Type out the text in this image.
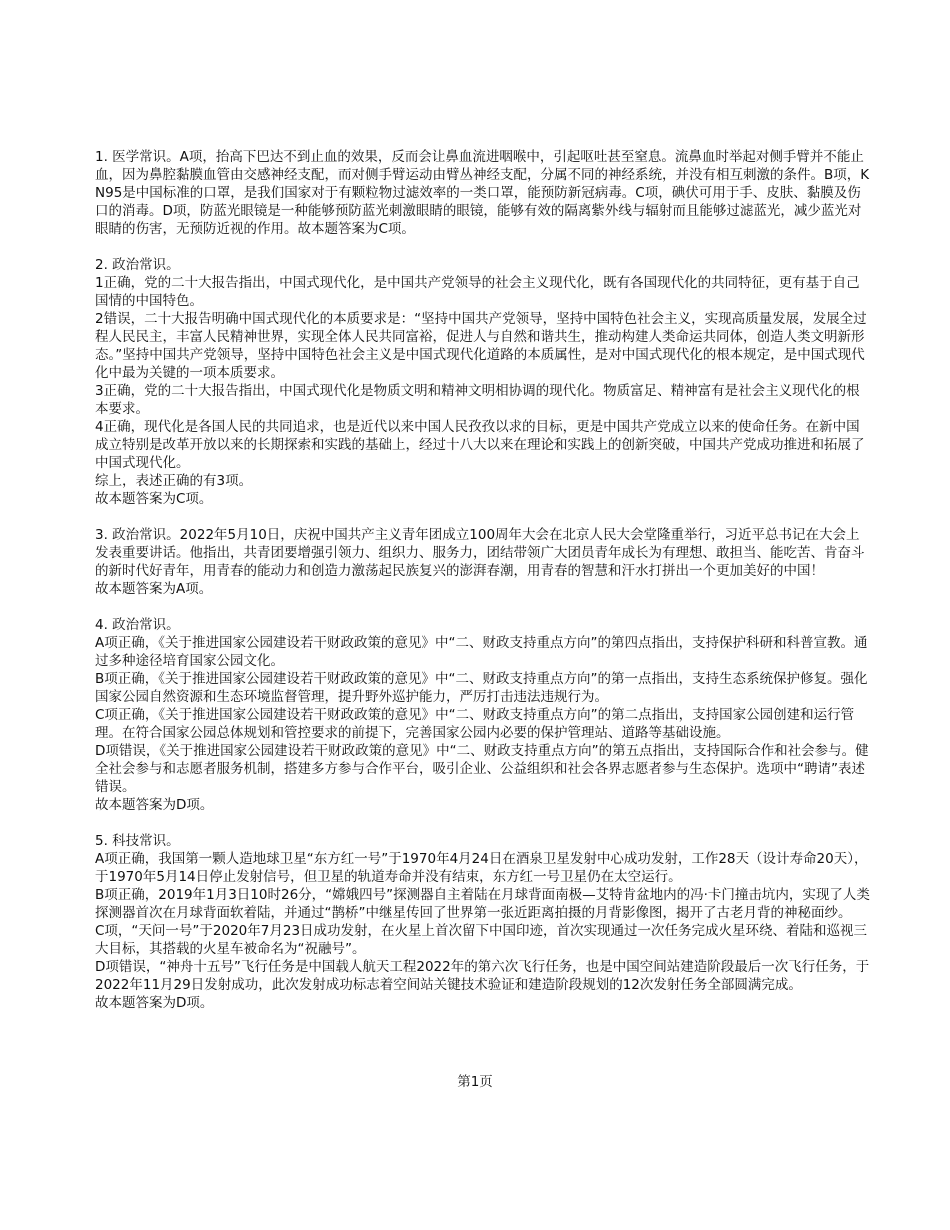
1. 医学常识。A项，抬高下巴达不到止血的效果，反而会让鼻血流进咽喉中，引起呕吐甚至窒息。流鼻血时举起对侧手臂并不能止血，因为鼻腔黏膜血管由交感神经支配，而对侧手臂运动由臂丛神经支配，分属不同的神经系统，并没有相互刺激的条件。B项，KN95是中国标准的口罩，是我们国家对于有颗粒物过滤效率的一类口罩，能预防新冠病毒。C项，碘伏可用于手、皮肤、黏膜及伤口的消毒。D项，防蓝光眼镜是一种能够预防蓝光刺激眼睛的眼镜，能够有效的隔离紫外线与辐射而且能够过滤蓝光，减少蓝光对眼睛的伤害，无预防近视的作用。故本题答案为C项。

2. 政治常识。

1正确，党的二十大报告指出，中国式现代化，是中国共产党领导的社会主义现代化，既有各国现代化的共同特征，更有基于自己国情的中国特色。

2错误，二十大报告明确中国式现代化的本质要求是：“坚持中国共产党领导，坚持中国特色社会主义，实现高质量发展，发展全过程人民民主，丰富人民精神世界，实现全体人民共同富裕，促进人与自然和谐共生，推动构建人类命运共同体，创造人类文明新形态。”坚持中国共产党领导，坚持中国特色社会主义是中国式现代化道路的本质属性，是对中国式现代化的根本规定，是中国式现代化中最为关键的一项本质要求。

3正确，党的二十大报告指出，中国式现代化是物质文明和精神文明相协调的现代化。物质富足、精神富有是社会主义现代化的根本要求。

4正确，现代化是各国人民的共同追求，也是近代以来中国人民孜孜以求的目标，更是中国共产党成立以来的使命任务。在新中国成立特别是改革开放以来的长期探索和实践的基础上，经过十八大以来在理论和实践上的创新突破，中国共产党成功推进和拓展了中国式现代化。

综上，表述正确的有3项。

故本题答案为C项。

3. 政治常识。2022年5月10日，庆祝中国共产主义青年团成立100周年大会在北京人民大会堂隆重举行，习近平总书记在大会上发表重要讲话。他指出，共青团要增强引领力、组织力、服务力，团结带领广大团员青年成长为有理想、敢担当、能吃苦、肯奋斗的新时代好青年，用青春的能动力和创造力激荡起民族复兴的澎湃春潮，用青春的智慧和汗水打拼出一个更加美好的中国！

故本题答案为A项。

4. 政治常识。

A项正确，《关于推进国家公园建设若干财政政策的意见》中“二、财政支持重点方向”的第四点指出，支持保护科研和科普宣教。通过多种途径培育国家公园文化。

B项正确，《关于推进国家公园建设若干财政政策的意见》中“二、财政支持重点方向”的第一点指出，支持生态系统保护修复。强化国家公园自然资源和生态环境监督管理，提升野外巡护能力，严厉打击违法违规行为。

C项正确，《关于推进国家公园建设若干财政政策的意见》中“二、财政支持重点方向”的第二点指出，支持国家公园创建和运行管理。在符合国家公园总体规划和管控要求的前提下，完善国家公园内必要的保护管理站、道路等基础设施。

D项错误，《关于推进国家公园建设若干财政政策的意见》中“二、财政支持重点方向”的第五点指出，支持国际合作和社会参与。健全社会参与和志愿者服务机制，搭建多方参与合作平台，吸引企业、公益组织和社会各界志愿者参与生态保护。选项中“聘请”表述错误。

故本题答案为D项。

5. 科技常识。

A项正确，我国第一颗人造地球卫星“东方红一号”于1970年4月24日在酒泉卫星发射中心成功发射，工作28天（设计寿命20天），于1970年5月14日停止发射信号，但卫星的轨道寿命并没有结束，东方红一号卫星仍在太空运行。

B项正确，2019年1月3日10时26分，“嫦娥四号”探测器自主着陆在月球背面南极—艾特肯盆地内的冯·卡门撞击坑内，实现了人类探测器首次在月球背面软着陆，并通过“鹊桥”中继星传回了世界第一张近距离拍摄的月背影像图，揭开了古老月背的神秘面纱。

C项，“天问一号”于2020年7月23日成功发射，在火星上首次留下中国印迹，首次实现通过一次任务完成火星环绕、着陆和巡视三大目标，其搭载的火星车被命名为“祝融号”。

D项错误，“神舟十五号”飞行任务是中国载人航天工程2022年的第六次飞行任务，也是中国空间站建造阶段最后一次飞行任务，于2022年11月29日发射成功，此次发射成功标志着空间站关键技术验证和建造阶段规划的12次发射任务全部圆满完成。

故本题答案为D项。

第1页
